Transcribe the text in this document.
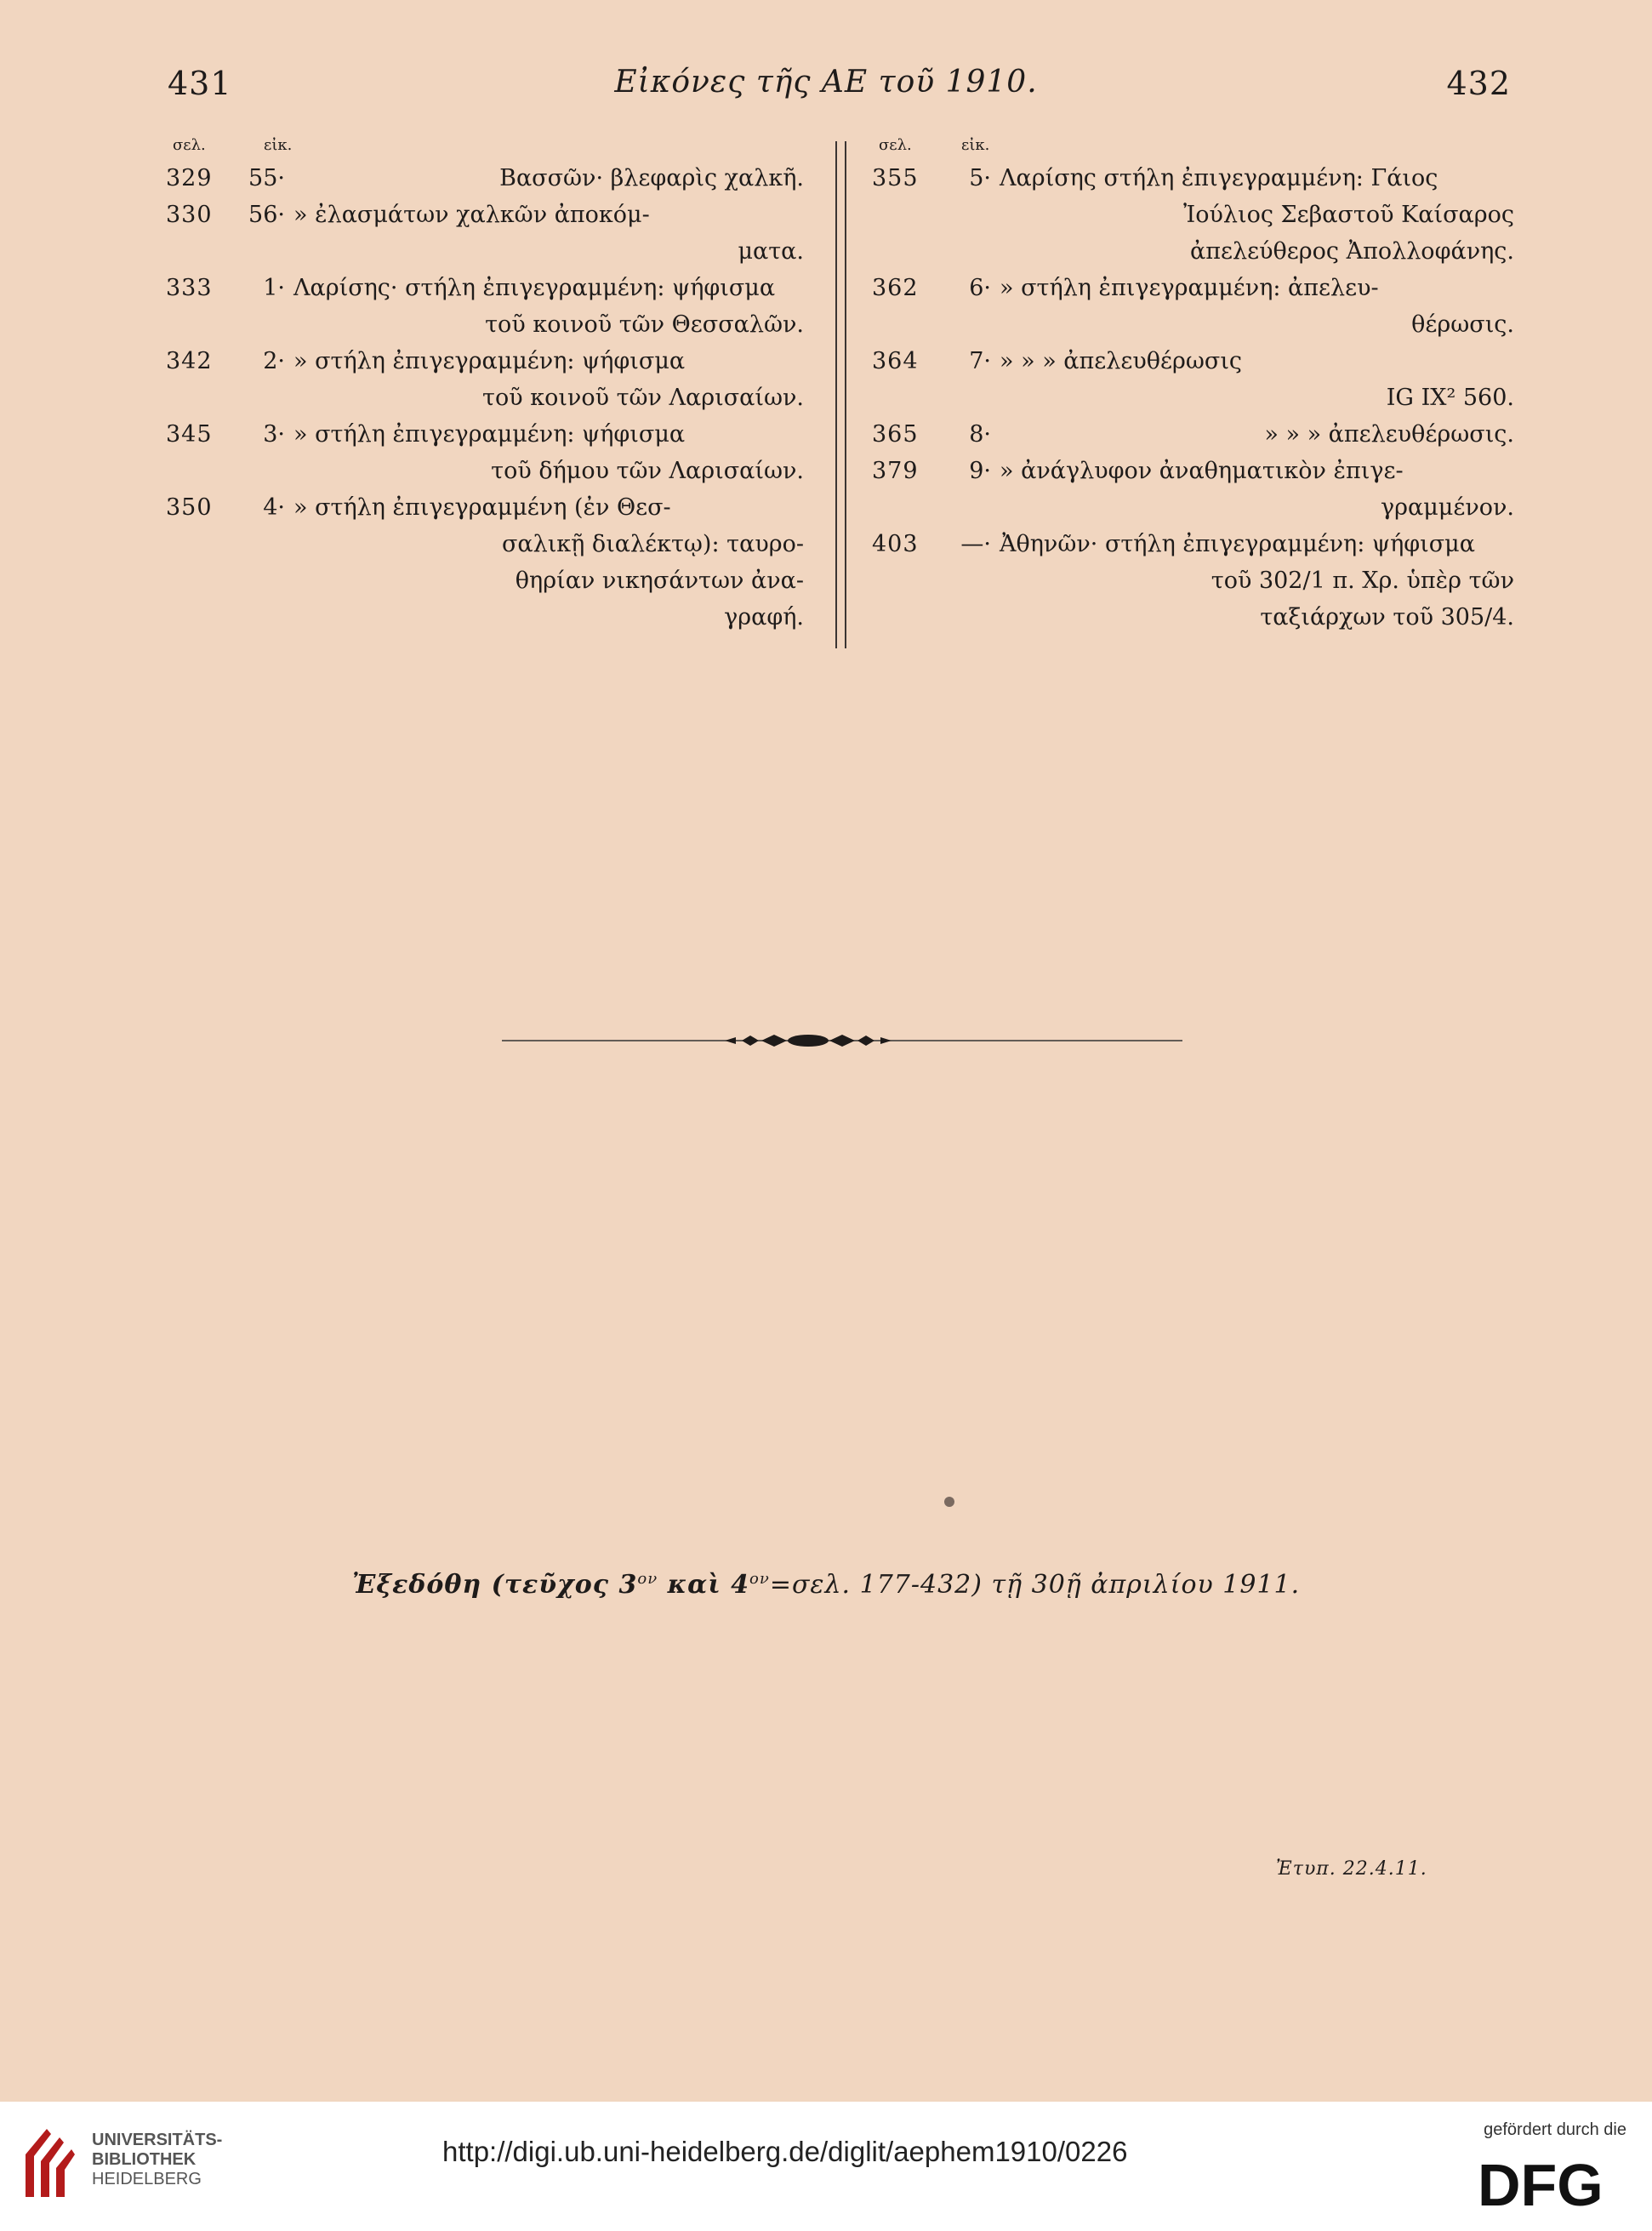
431	Εἰκόνες τῆς ΑΕ τοῦ 1910.	432
σελ.	εἰκ.
329	55·	Βασσῶν· βλεφαρὶς χαλκῆ.
330	56· » ἐλασμάτων χαλκῶν ἀποκόμ-
ματα.
333	1· Λαρίσης· στήλη ἐπιγεγραμμένη: ψήφισμα
τοῦ κοινοῦ τῶν Θεσσαλῶν.
342	2· » στήλη ἐπιγεγραμμένη: ψήφισμα
τοῦ κοινοῦ τῶν Λαρισαίων.
345	3· » στήλη ἐπιγεγραμμένη: ψήφισμα
τοῦ δήμου τῶν Λαρισαίων.
350	4· » στήλη ἐπιγεγραμμένη (ἐν Θεσ-
σαλικῇ διαλέκτῳ): ταυρο-
θηρίαν νικησάντων ἀνα-
γραφή.
σελ.	εἰκ.
355	5· Λαρίσης στήλη ἐπιγεγραμμένη: Γάιος
Ἰούλιος Σεβαστοῦ Καίσαρος
ἀπελεύθερος Ἀπολλοφάνης.
362	6· » στήλη ἐπιγεγραμμένη: ἀπελευ-
θέρωσις.
364	7· » » » ἀπελευθέρωσις
IG IX² 560.
365	8·	» » » ἀπελευθέρωσις.
379	9· » ἀνάγλυφον ἀναθηματικὸν ἐπιγε-
γραμμένον.
403	—· Ἀθηνῶν· στήλη ἐπιγεγραμμένη: ψήφισμα
τοῦ 302/1 π. Χρ. ὑπὲρ τῶν
ταξιάρχων τοῦ 305/4.
Ἐξεδόθη (τεῦχος $3^{o\nu}$ καὶ $4^{o\nu}=\sigma\varepsilon\lambda$. 177-432) τῇ 30ῇ ἀπριλίου 1911.
Ἐτυπ. 22.4.11.
UNIVERSITÄTS-
BIBLIOTHEK
HEIDELBERG
http://digi.ub.uni-heidelberg.de/diglit/aephem1910/0226
gefördert durch die
DFG
